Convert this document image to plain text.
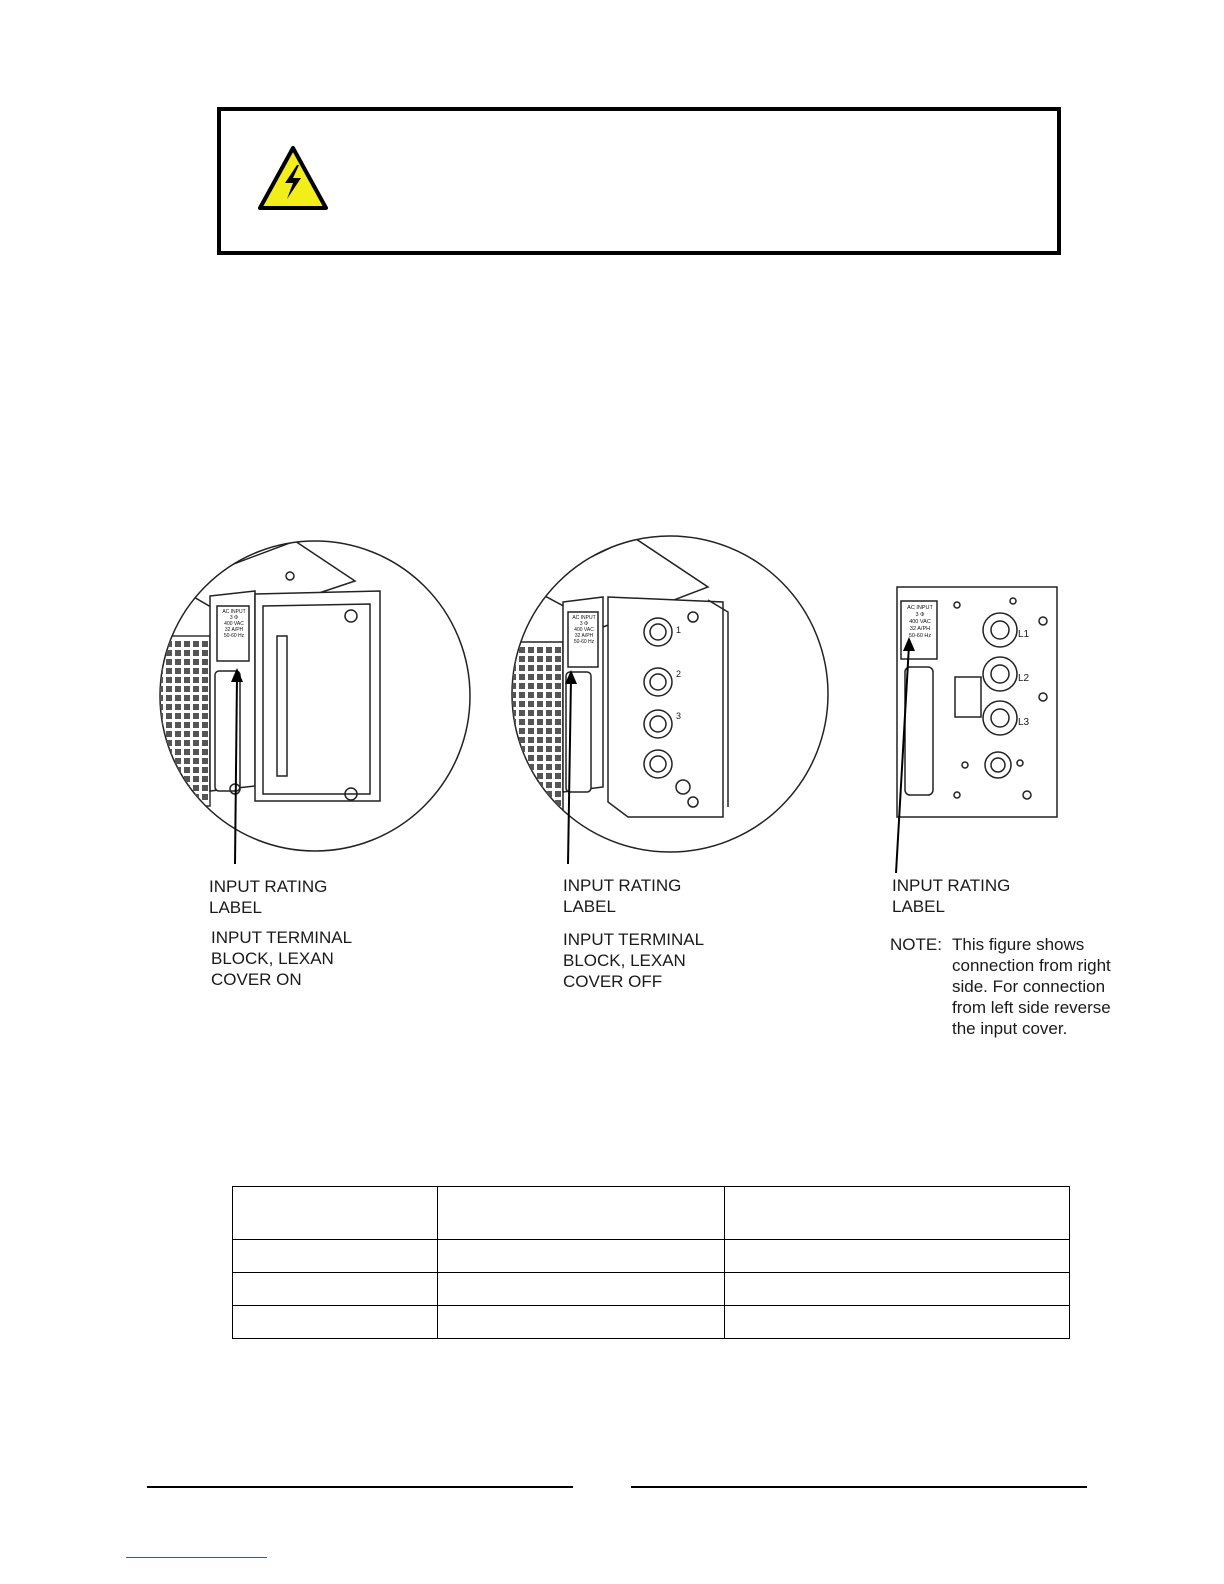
1
2
3
L1
L2
L3
AC INPUT
3 Φ
400 VAC
32 A/PH
50-60 Hz
AC INPUT
3 Φ
400 VAC
32 A/PH
50-60 Hz
AC INPUT
3 Φ
400 VAC
32 A/PH
50-60 Hz
INPUT RATING
LABEL
INPUT TERMINAL
BLOCK, LEXAN
COVER ON
INPUT RATING
LABEL
INPUT TERMINAL
BLOCK, LEXAN
COVER OFF
INPUT RATING
LABEL
NOTE: This figure shows
connection from right
side. For connection
from left side reverse
the input cover.
